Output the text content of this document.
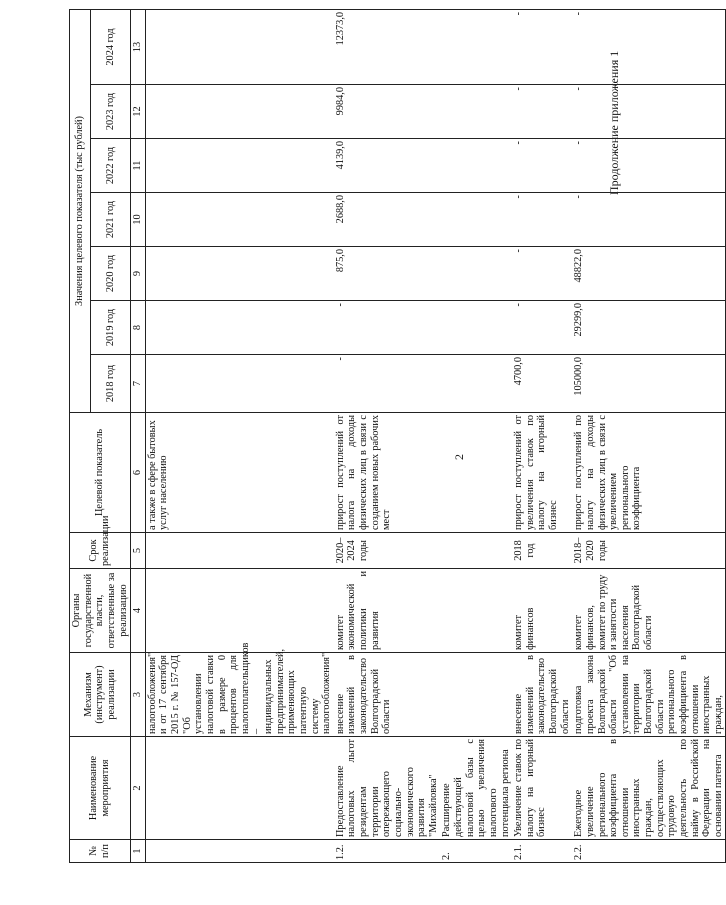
2
Продолжение приложения 1
№ п/п	Наименование мероприятия	Механизм (инструмент) реализации	Органы государственной власти, ответственные за реализацию	Срок реализации	Целевой показатель	Значения целевого показателя (тыс рублей)						
						2018 год	2019 год	2020 год	2021 год	2022 год	2023 год	2024 год
1	2	3	4	5	6	7	8	9	10	11	12	13
		налогообложения" и от 17 сентября 2015 г. № 157-ОД "Об установлении налоговой ставки в размере 0 процентов для налогоплательщиков – индивидуальных предпринимателей, применяющих патентную систему налогообложения"			а также в сфере бытовых услуг населению							
1.2.	Предоставление налоговых льгот резидентам территории опережающего социально-экономического развития "Михайловка"	внесение изменений в законодательство Волгоградской области	комитет экономической политики и развития	2020–2024 годы	прирост поступлений от налога на доходы физических лиц в связи с созданием новых рабочих мест	-	-	875,0	2688,0	4139,0	9984,0	12373,0
2.	Расширение действующей налоговой базы с целью увеличения налогового потенциала региона											
2.1.	Увеличение ставок по налогу на игорный бизнес	внесение изменений в законодательство Волгоградской области	комитет финансов	2018 год	прирост поступлений от увеличения ставок по налогу на игорный бизнес	4700,0	-	-	-	-	-	-
2.2.	Ежегодное увеличение регионального коэффициента в отношении иностранных граждан, осуществляющих трудовую деятельность по найму в Российской Федерации на основании патента	подготовка проекта закона Волгоградской области "Об установлении на территории Волгоградской области регионального коэффициента в отношении иностранных граждан,	комитет финансов, комитет по труду и занятости населения Волгоградской области	2018–2020 годы	прирост поступлений по налогу на доходы физических лиц в связи с увеличением регионального коэффициента	105000,0	29299,0	48822,0	-	-	-	-
